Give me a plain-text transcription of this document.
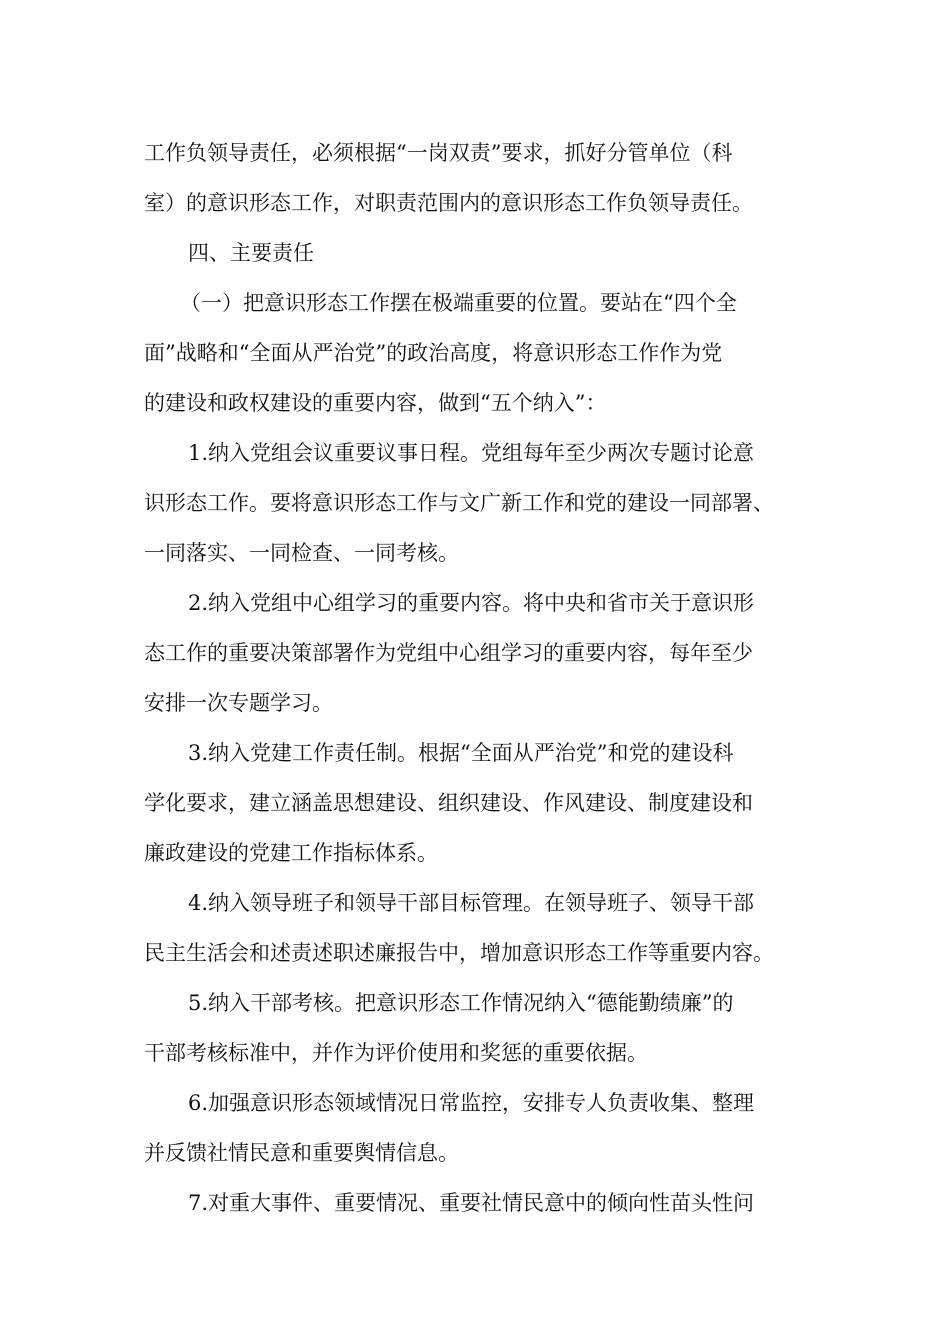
工作负领导责任，必须根据“一岗双责”要求，抓好分管单位（科
室）的意识形态工作，对职责范围内的意识形态工作负领导责任。
四、主要责任
（一）把意识形态工作摆在极端重要的位置。要站在“四个全
面”战略和“全面从严治党”的政治高度，将意识形态工作作为党
的建设和政权建设的重要内容，做到“五个纳入”：
1.纳入党组会议重要议事日程。党组每年至少两次专题讨论意
识形态工作。要将意识形态工作与文广新工作和党的建设一同部署、
一同落实、一同检查、一同考核。
2.纳入党组中心组学习的重要内容。将中央和省市关于意识形
态工作的重要决策部署作为党组中心组学习的重要内容，每年至少
安排一次专题学习。
3.纳入党建工作责任制。根据“全面从严治党”和党的建设科
学化要求，建立涵盖思想建设、组织建设、作风建设、制度建设和
廉政建设的党建工作指标体系。
4.纳入领导班子和领导干部目标管理。在领导班子、领导干部
民主生活会和述责述职述廉报告中，增加意识形态工作等重要内容。
5.纳入干部考核。把意识形态工作情况纳入“德能勤绩廉”的
干部考核标准中，并作为评价使用和奖惩的重要依据。
6.加强意识形态领域情况日常监控，安排专人负责收集、整理
并反馈社情民意和重要舆情信息。
7.对重大事件、重要情况、重要社情民意中的倾向性苗头性问
